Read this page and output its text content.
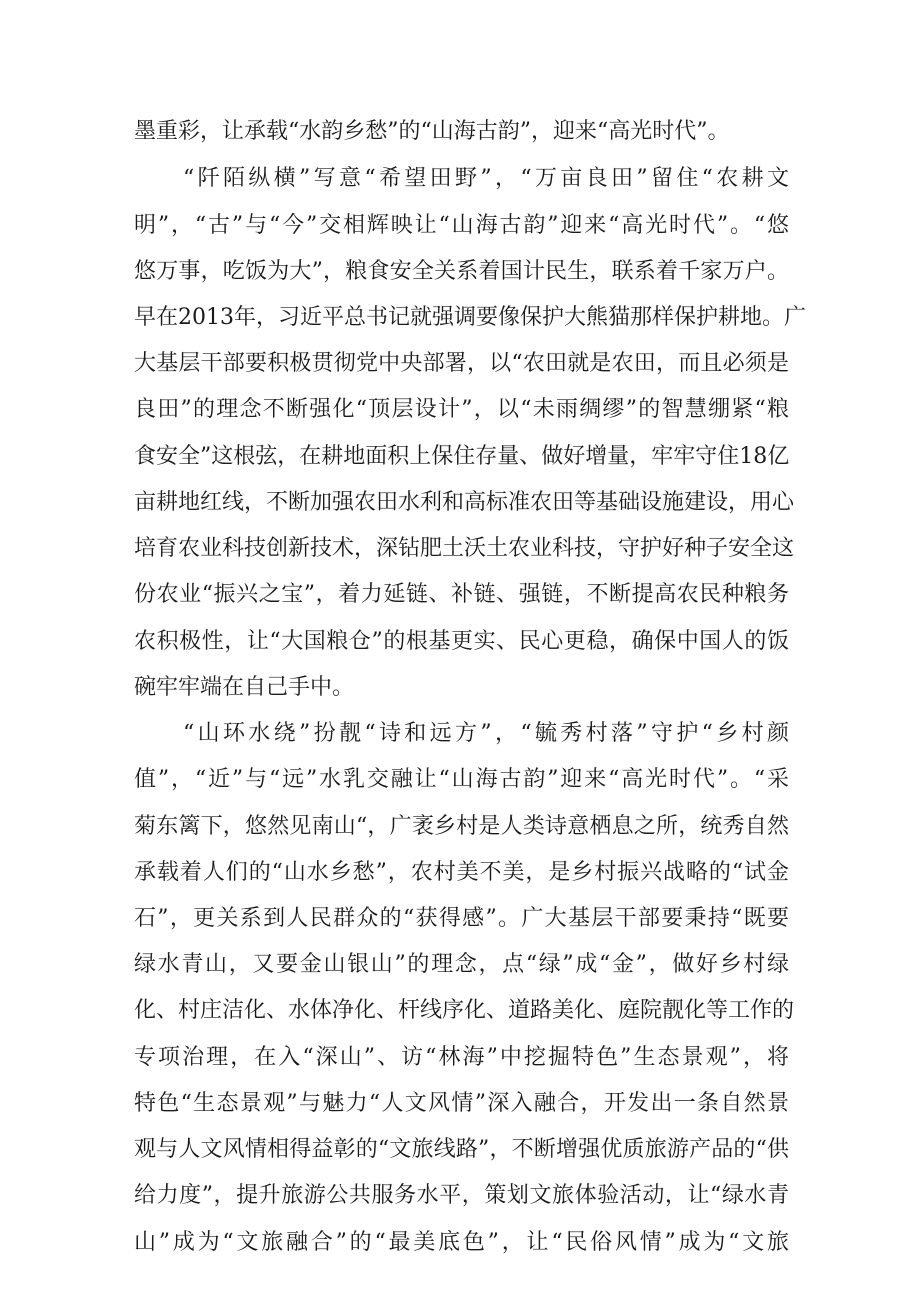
墨重彩，让承载“水韵乡愁”的“山海古韵”，迎来“高光时代”。
“阡陌纵横”写意“希望田野”，“万亩良田”留住“农耕文
明”，“古”与“今”交相辉映让“山海古韵”迎来“高光时代”。“悠
悠万事，吃饭为大”，粮食安全关系着国计民生，联系着千家万户。
早在2013年，习近平总书记就强调要像保护大熊猫那样保护耕地。广
大基层干部要积极贯彻党中央部署，以“农田就是农田，而且必须是
良田”的理念不断强化“顶层设计”，以“未雨绸缪”的智慧绷紧“粮
食安全”这根弦，在耕地面积上保住存量、做好增量，牢牢守住18亿
亩耕地红线，不断加强农田水利和高标准农田等基础设施建设，用心
培育农业科技创新技术，深钻肥土沃土农业科技，守护好种子安全这
份农业“振兴之宝”，着力延链、补链、强链，不断提高农民种粮务
农积极性，让“大国粮仓”的根基更实、民心更稳，确保中国人的饭
碗牢牢端在自己手中。
“山环水绕”扮靓“诗和远方”，“毓秀村落”守护“乡村颜
值”，“近”与“远”水乳交融让“山海古韵”迎来“高光时代”。“采
菊东篱下，悠然见南山“，广袤乡村是人类诗意栖息之所，统秀自然
承载着人们的“山水乡愁”，农村美不美，是乡村振兴战略的“试金
石”，更关系到人民群众的“获得感”。广大基层干部要秉持“既要
绿水青山，又要金山银山”的理念，点“绿”成“金”，做好乡村绿
化、村庄洁化、水体净化、杆线序化、道路美化、庭院靓化等工作的
专项治理，在入“深山”、访“林海”中挖掘特色”生态景观”，将
特色“生态景观”与魅力“人文风情”深入融合，开发出一条自然景
观与人文风情相得益彰的“文旅线路”，不断增强优质旅游产品的“供
给力度”，提升旅游公共服务水平，策划文旅体验活动，让“绿水青
山”成为“文旅融合”的“最美底色”，让“民俗风情”成为“文旅
